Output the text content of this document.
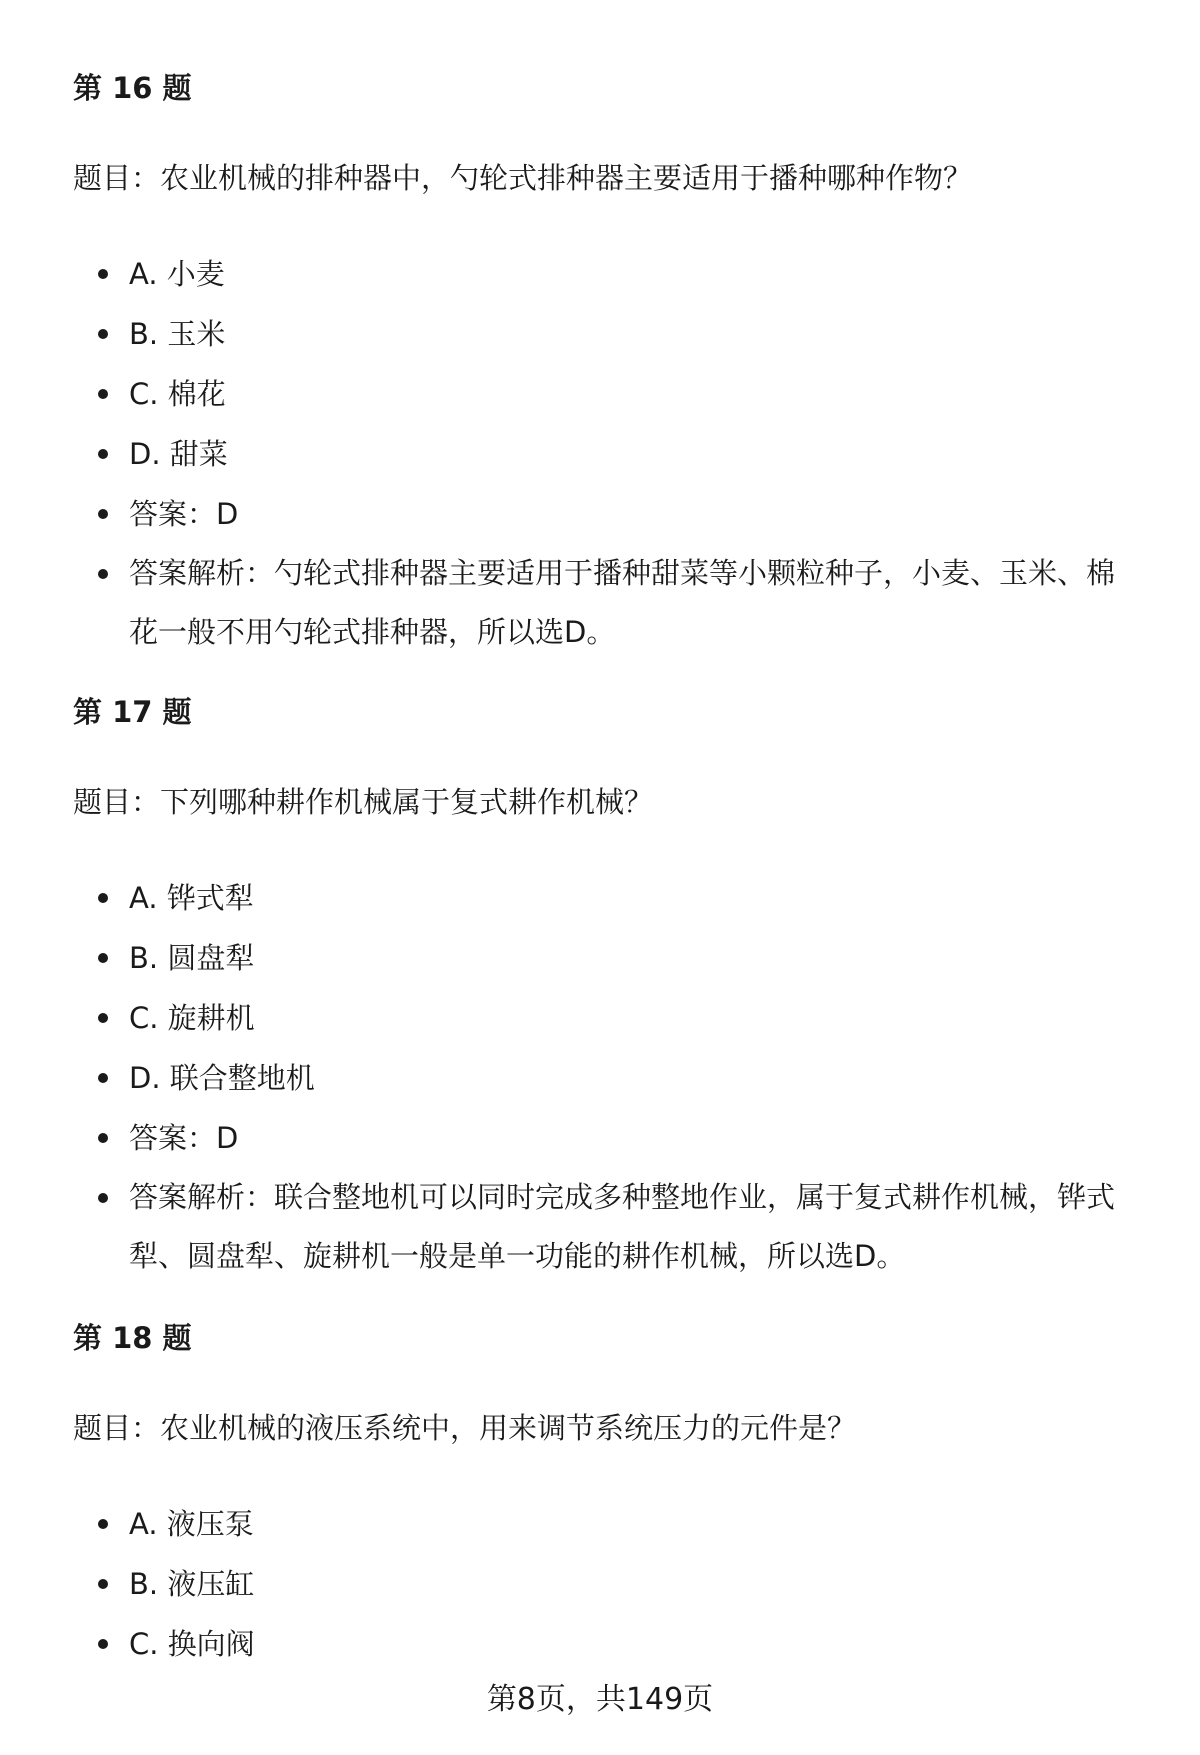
第 16 题

题目：农业机械的排种器中，勺轮式排种器主要适用于播种哪种作物？

A. 小麦
B. 玉米
C. 棉花
D. 甜菜
答案：D
答案解析：勺轮式排种器主要适用于播种甜菜等小颗粒种子，小麦、玉米、棉花一般不用勺轮式排种器，所以选D。
第 17 题

题目：下列哪种耕作机械属于复式耕作机械？

A. 铧式犁
B. 圆盘犁
C. 旋耕机
D. 联合整地机
答案：D
答案解析：联合整地机可以同时完成多种整地作业，属于复式耕作机械，铧式犁、圆盘犁、旋耕机一般是单一功能的耕作机械，所以选D。
第 18 题

题目：农业机械的液压系统中，用来调节系统压力的元件是？

A. 液压泵
B. 液压缸
C. 换向阀
第8页，共149页
